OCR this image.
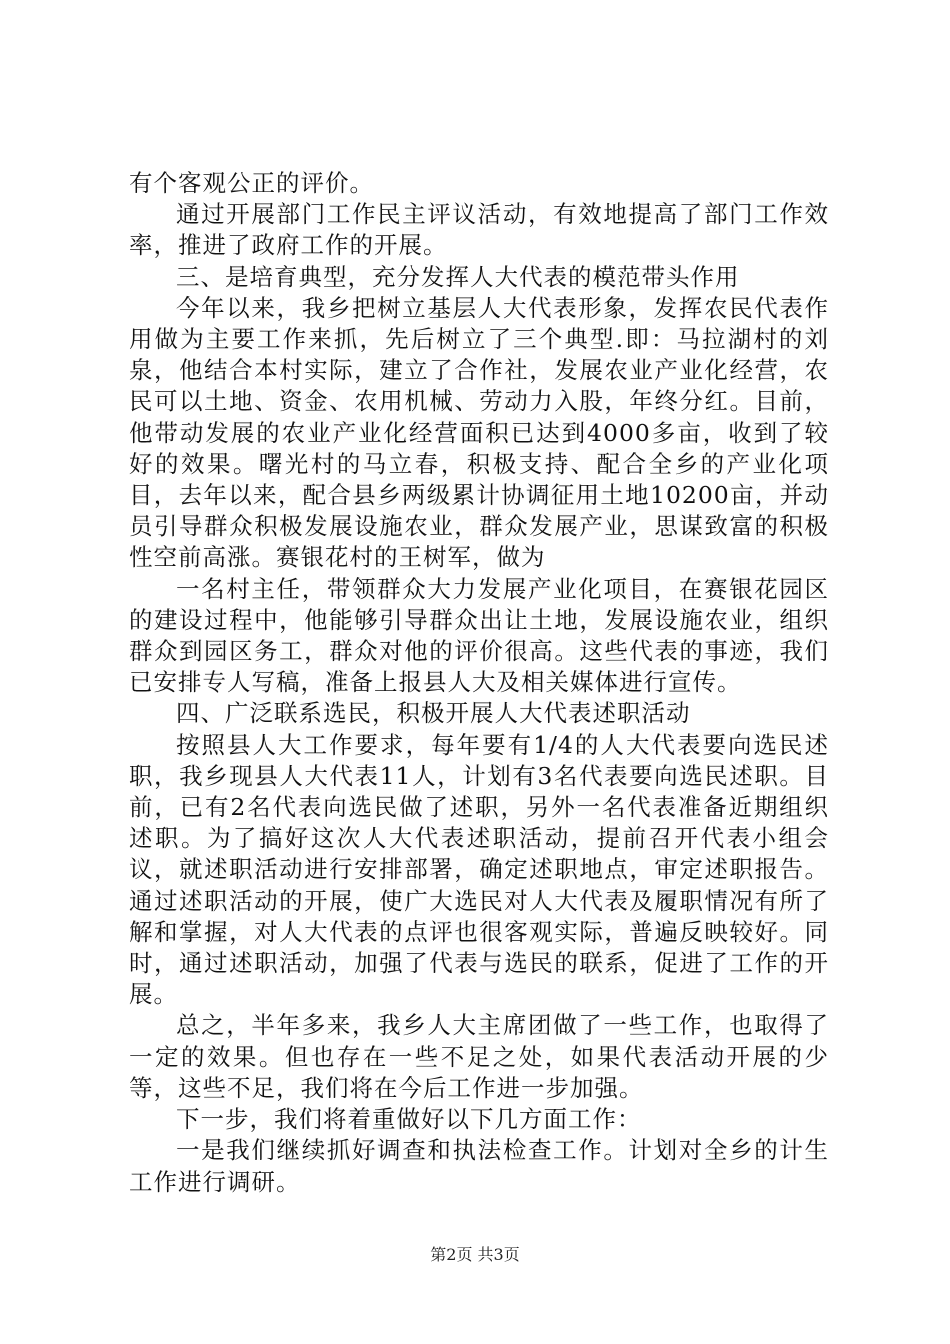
有个客观公正的评价。

通过开展部门工作民主评议活动，有效地提高了部门工作效率，推进了政府工作的开展。

三、是培育典型，充分发挥人大代表的模范带头作用

今年以来，我乡把树立基层人大代表形象，发挥农民代表作用做为主要工作来抓，先后树立了三个典型.即：马拉湖村的刘泉，他结合本村实际，建立了合作社，发展农业产业化经营，农民可以土地、资金、农用机械、劳动力入股，年终分红。目前，他带动发展的农业产业化经营面积已达到4000多亩，收到了较好的效果。曙光村的马立春，积极支持、配合全乡的产业化项目，去年以来，配合县乡两级累计协调征用土地10200亩，并动员引导群众积极发展设施农业，群众发展产业，思谋致富的积极性空前高涨。赛银花村的王树军，做为

一名村主任，带领群众大力发展产业化项目，在赛银花园区的建设过程中，他能够引导群众出让土地，发展设施农业，组织群众到园区务工，群众对他的评价很高。这些代表的事迹，我们已安排专人写稿，准备上报县人大及相关媒体进行宣传。

四、广泛联系选民，积极开展人大代表述职活动

按照县人大工作要求，每年要有1/4的人大代表要向选民述职，我乡现县人大代表11人，计划有3名代表要向选民述职。目前，已有2名代表向选民做了述职，另外一名代表准备近期组织述职。为了搞好这次人大代表述职活动，提前召开代表小组会议，就述职活动进行安排部署，确定述职地点，审定述职报告。通过述职活动的开展，使广大选民对人大代表及履职情况有所了解和掌握，对人大代表的点评也很客观实际，普遍反映较好。同时，通过述职活动，加强了代表与选民的联系，促进了工作的开展。

总之，半年多来，我乡人大主席团做了一些工作，也取得了一定的效果。但也存在一些不足之处，如果代表活动开展的少等，这些不足，我们将在今后工作进一步加强。

下一步，我们将着重做好以下几方面工作：

一是我们继续抓好调查和执法检查工作。计划对全乡的计生工作进行调研。

第2页 共3页
